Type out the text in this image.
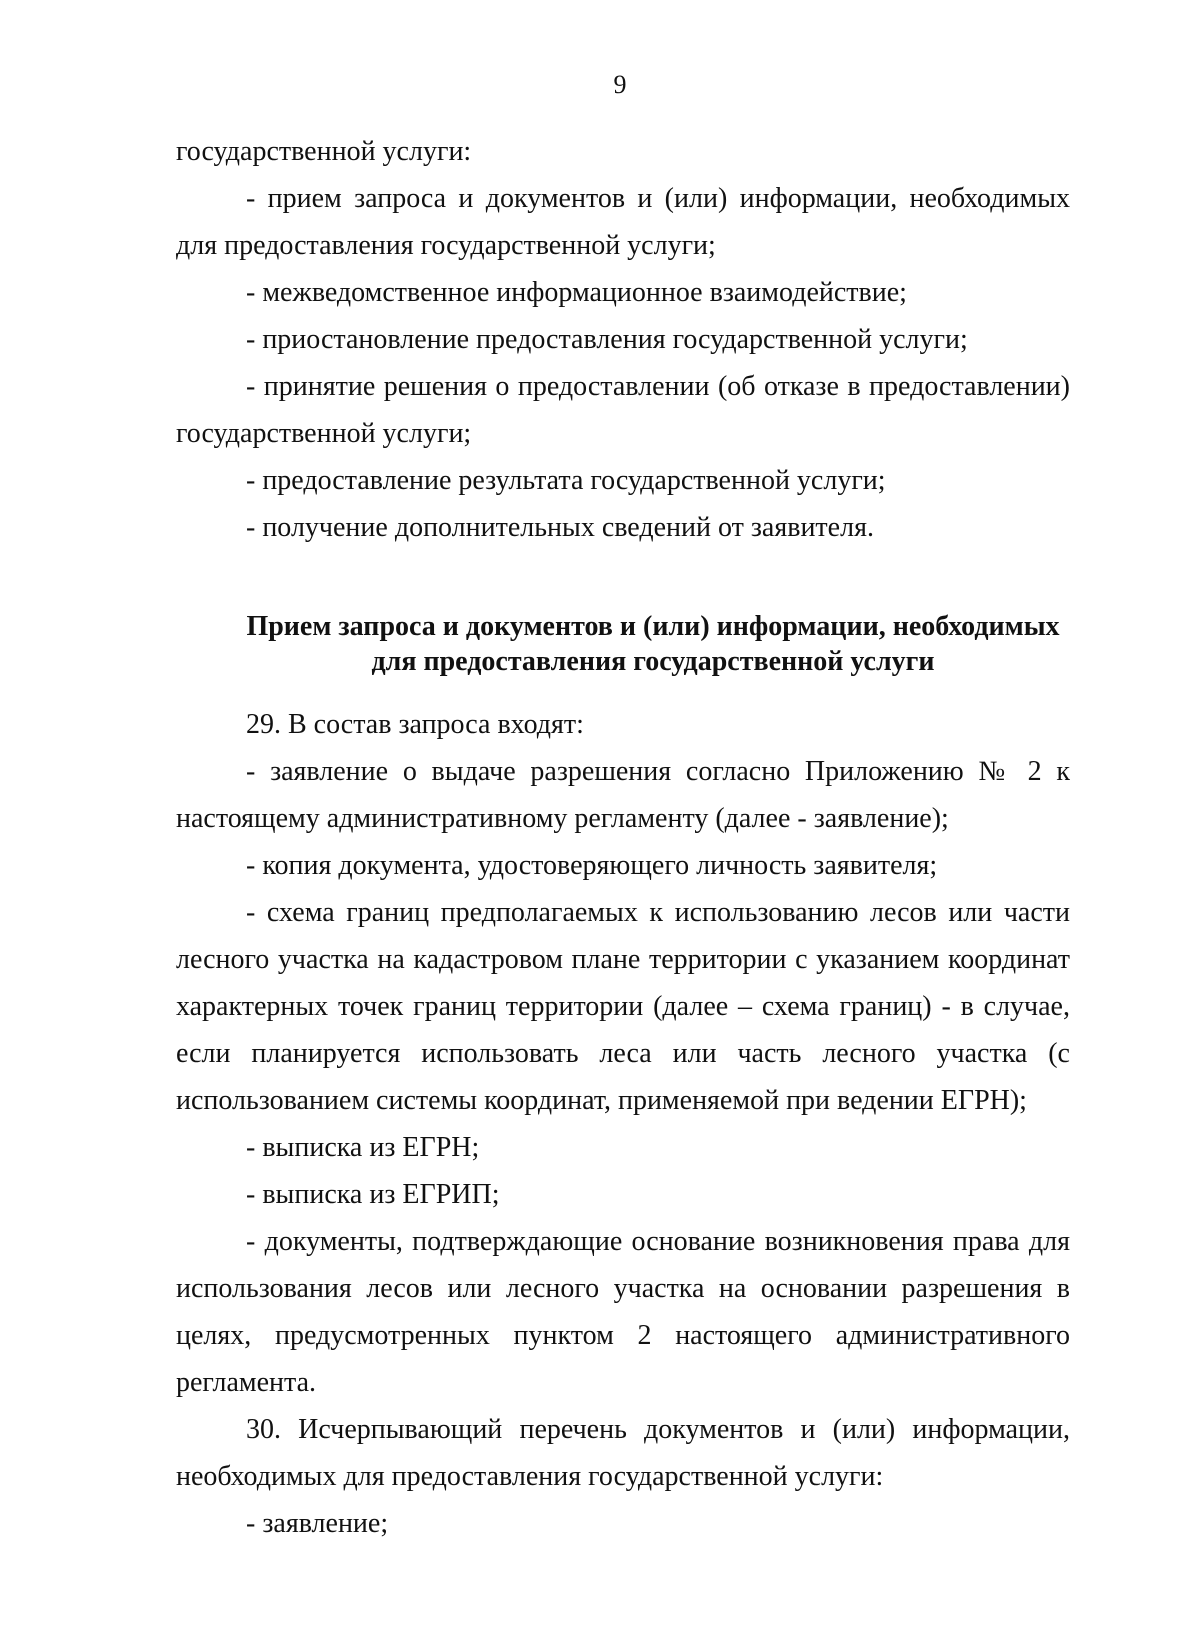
9

государственной услуги:

- прием запроса и документов и (или) информации, необходимых для предоставления государственной услуги;

- межведомственное информационное взаимодействие;

- приостановление предоставления государственной услуги;

- принятие решения о предоставлении (об отказе в предоставлении) государственной услуги;

- предоставление результата государственной услуги;

- получение дополнительных сведений от заявителя.

Прием запроса и документов и (или) информации, необходимых
для предоставления государственной услуги

29. В состав запроса входят:

- заявление о выдаче разрешения согласно Приложению № 2 к настоящему административному регламенту (далее - заявление);

- копия документа, удостоверяющего личность заявителя;

- схема границ предполагаемых к использованию лесов или части лесного участка на кадастровом плане территории с указанием координат характерных точек границ территории (далее – схема границ) - в случае, если планируется использовать леса или часть лесного участка (с использованием системы координат, применяемой при ведении ЕГРН);

- выписка из ЕГРН;

- выписка из ЕГРИП;

- документы, подтверждающие основание возникновения права для использования лесов или лесного участка на основании разрешения в целях, предусмотренных пунктом 2 настоящего административного регламента.

30. Исчерпывающий перечень документов и (или) информации, необходимых для предоставления государственной услуги:

- заявление;
